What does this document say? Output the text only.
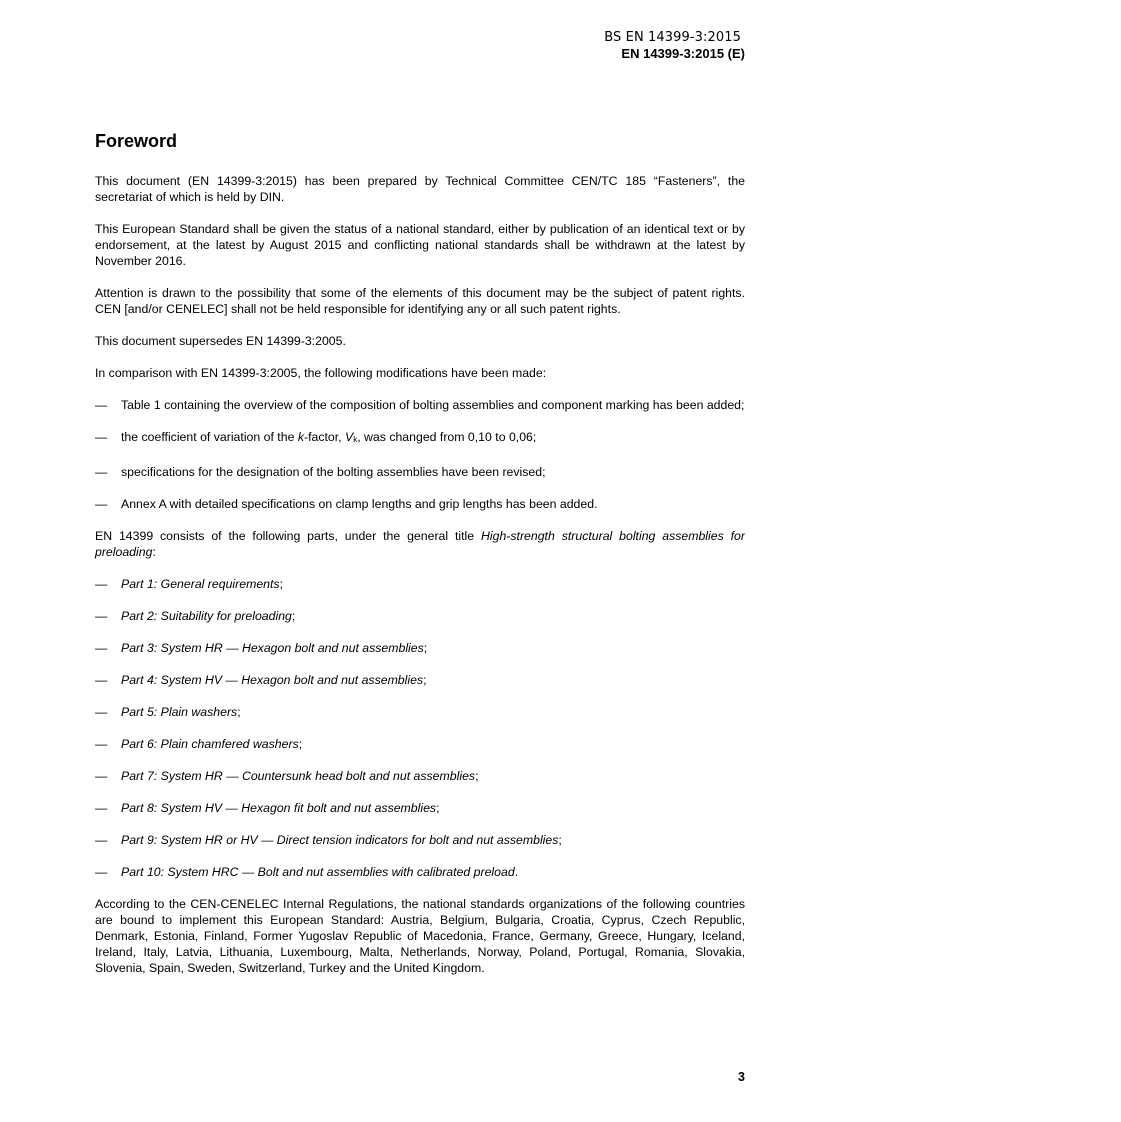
BS EN 14399-3:2015
EN 14399-3:2015 (E)
Foreword

This document (EN 14399-3:2015) has been prepared by Technical Committee CEN/TC 185 “Fasteners”, the secretariat of which is held by DIN.

This European Standard shall be given the status of a national standard, either by publication of an identical text or by endorsement, at the latest by August 2015 and conflicting national standards shall be withdrawn at the latest by November 2016.

Attention is drawn to the possibility that some of the elements of this document may be the subject of patent rights. CEN [and/or CENELEC] shall not be held responsible for identifying any or all such patent rights.

This document supersedes EN 14399-3:2005.

In comparison with EN 14399-3:2005, the following modifications have been made:

—	Table 1 containing the overview of the composition of bolting assemblies and component marking has been added;
—	the coefficient of variation of the k-factor, $V_k$, was changed from 0,10 to 0,06;
—	specifications for the designation of the bolting assemblies have been revised;
—	Annex A with detailed specifications on clamp lengths and grip lengths has been added.

EN 14399 consists of the following parts, under the general title High-strength structural bolting assemblies for preloading:

—	Part 1: General requirements;
—	Part 2: Suitability for preloading;
—	Part 3: System HR — Hexagon bolt and nut assemblies;
—	Part 4: System HV — Hexagon bolt and nut assemblies;
—	Part 5: Plain washers;
—	Part 6: Plain chamfered washers;
—	Part 7: System HR — Countersunk head bolt and nut assemblies;
—	Part 8: System HV — Hexagon fit bolt and nut assemblies;
—	Part 9: System HR or HV — Direct tension indicators for bolt and nut assemblies;
—	Part 10: System HRC — Bolt and nut assemblies with calibrated preload.

According to the CEN-CENELEC Internal Regulations, the national standards organizations of the following countries are bound to implement this European Standard: Austria, Belgium, Bulgaria, Croatia, Cyprus, Czech Republic, Denmark, Estonia, Finland, Former Yugoslav Republic of Macedonia, France, Germany, Greece, Hungary, Iceland, Ireland, Italy, Latvia, Lithuania, Luxembourg, Malta, Netherlands, Norway, Poland, Portugal, Romania, Slovakia, Slovenia, Spain, Sweden, Switzerland, Turkey and the United Kingdom.

3
